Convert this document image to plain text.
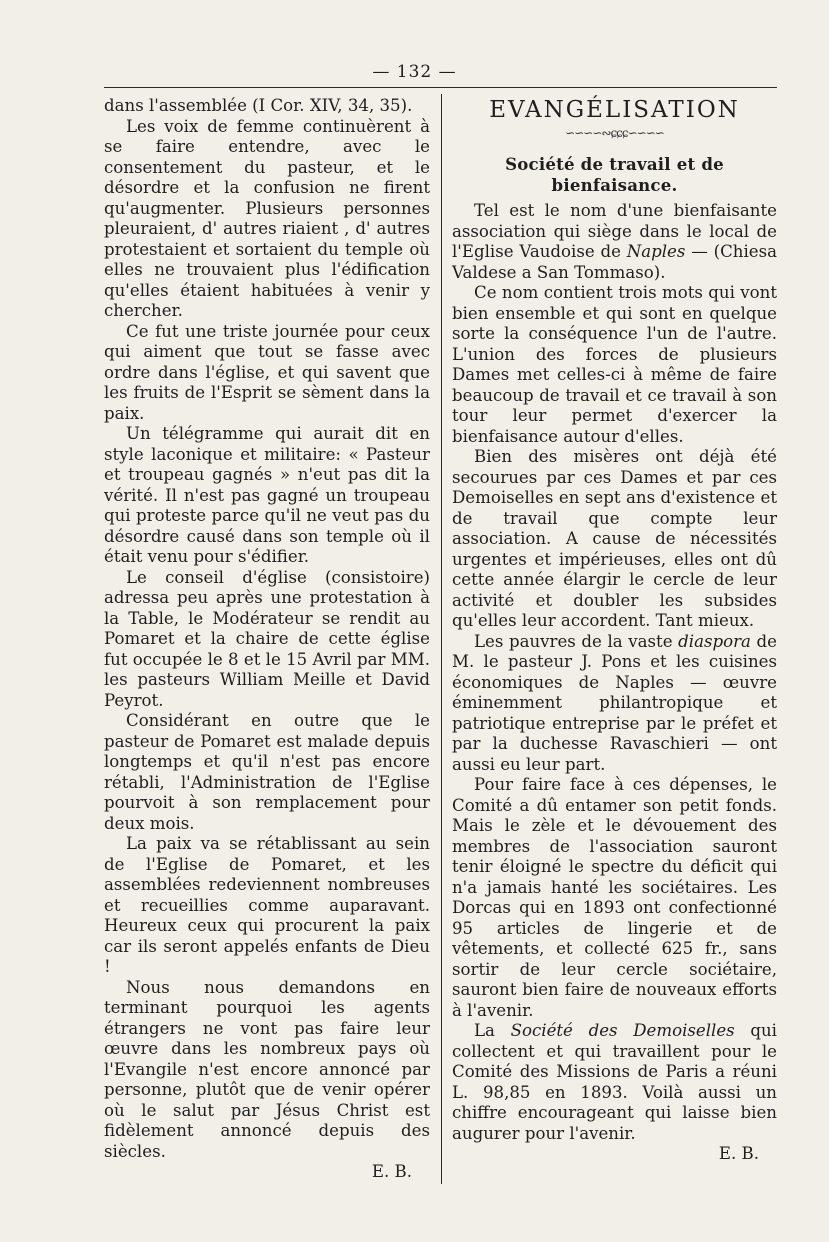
— 132 —

dans l'assemblée (I Cor. XIV, 34, 35).

Les voix de femme continuèrent à se faire entendre, avec le consentement du pasteur, et le désordre et la confusion ne firent qu'augmenter. Plusieurs personnes pleuraient, d' autres riaient , d' autres protestaient et sortaient du temple où elles ne trouvaient plus l'édification qu'elles étaient habituées à venir y chercher.

Ce fut une triste journée pour ceux qui aiment que tout se fasse avec ordre dans l'église, et qui savent que les fruits de l'Esprit se sèment dans la paix.

Un télégramme qui aurait dit en style laconique et militaire: « Pasteur et troupeau gagnés » n'eut pas dit la vérité. Il n'est pas gagné un troupeau qui proteste parce qu'il ne veut pas du désordre causé dans son temple où il était venu pour s'édifier.

Le conseil d'église (consistoire) adressa peu après une protestation à la Table, le Modérateur se rendit au Pomaret et la chaire de cette église fut occupée le 8 et le 15 Avril par MM. les pasteurs William Meille et David Peyrot.

Considérant en outre que le pasteur de Pomaret est malade depuis longtemps et qu'il n'est pas encore rétabli, l'Administration de l'Eglise pourvoit à son remplacement pour deux mois.

La paix va se rétablissant au sein de l'Eglise de Pomaret, et les assemblées redeviennent nombreuses et recueillies comme auparavant. Heureux ceux qui procurent la paix car ils seront appelés enfants de Dieu !

Nous nous demandons en terminant pourquoi les agents étrangers ne vont pas faire leur œuvre dans les nombreux pays où l'Evangile n'est encore annoncé par personne, plutôt que de venir opérer où le salut par Jésus Christ est fidèlement annoncé depuis des siècles.

E. B.

EVANGÉLISATION
∽∽∽∽∾ɕɕɕ∽∽∽∽

Société de travail et de bienfaisance.

Tel est le nom d'une bienfaisante association qui siège dans le local de l'Eglise Vaudoise de Naples — (Chiesa Valdese a San Tommaso).

Ce nom contient trois mots qui vont bien ensemble et qui sont en quelque sorte la conséquence l'un de l'autre. L'union des forces de plusieurs Dames met celles-ci à même de faire beaucoup de travail et ce travail à son tour leur permet d'exercer la bienfaisance autour d'elles.

Bien des misères ont déjà été secourues par ces Dames et par ces Demoiselles en sept ans d'existence et de travail que compte leur association. A cause de nécessités urgentes et impérieuses, elles ont dû cette année élargir le cercle de leur activité et doubler les subsides qu'elles leur accordent. Tant mieux.

Les pauvres de la vaste diaspora de M. le pasteur J. Pons et les cuisines économiques de Naples — œuvre éminemment philantropique et patriotique entreprise par le préfet et par la duchesse Ravaschieri — ont aussi eu leur part.

Pour faire face à ces dépenses, le Comité a dû entamer son petit fonds. Mais le zèle et le dévouement des membres de l'association sauront tenir éloigné le spectre du déficit qui n'a jamais hanté les sociétaires. Les Dorcas qui en 1893 ont confectionné 95 articles de lingerie et de vêtements, et collecté 625 fr., sans sortir de leur cercle sociétaire, sauront bien faire de nouveaux efforts à l'avenir.

La Société des Demoiselles qui collectent et qui travaillent pour le Comité des Missions de Paris a réuni L. 98,85 en 1893. Voilà aussi un chiffre encourageant qui laisse bien augurer pour l'avenir.

E. B.
